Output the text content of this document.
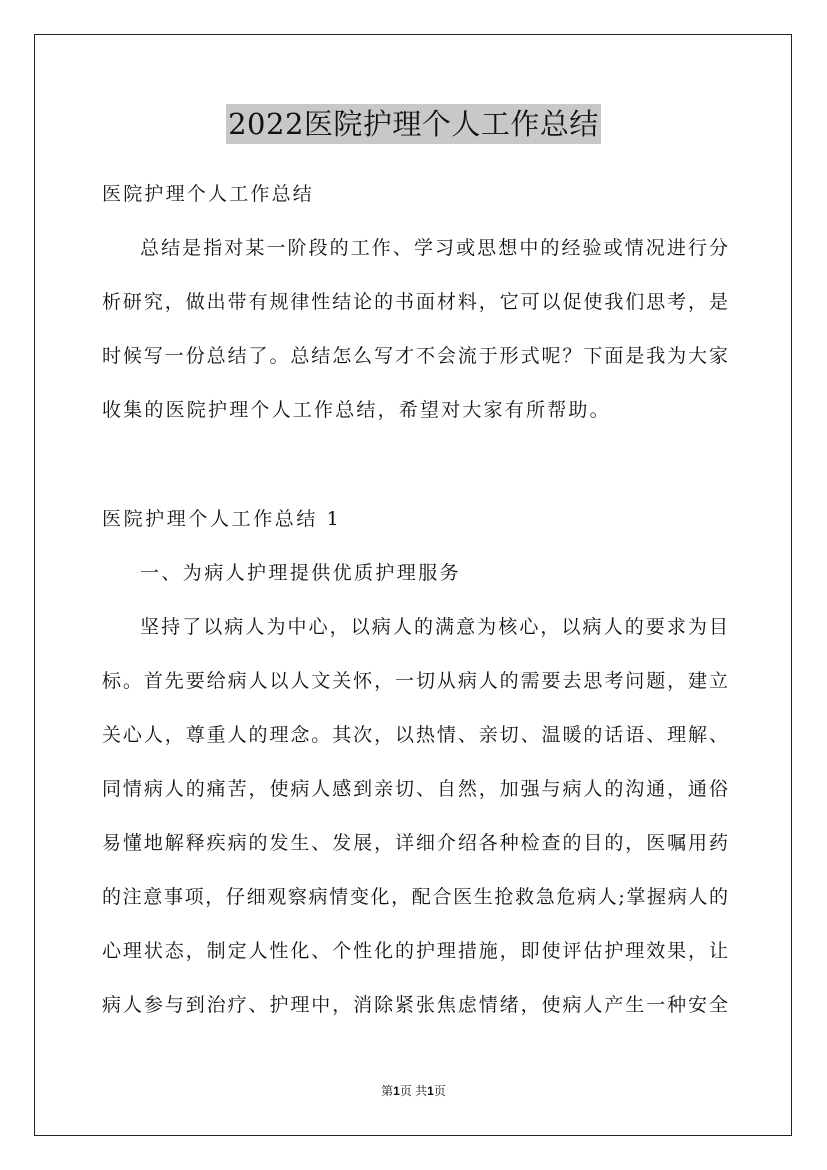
2022医院护理个人工作总结
医院护理个人工作总结
总结是指对某一阶段的工作、学习或思想中的经验或情况进行分
析研究，做出带有规律性结论的书面材料，它可以促使我们思考，是
时候写一份总结了。总结怎么写才不会流于形式呢？下面是我为大家
收集的医院护理个人工作总结，希望对大家有所帮助。
医院护理个人工作总结 1
一、为病人护理提供优质护理服务
坚持了以病人为中心，以病人的满意为核心，以病人的要求为目
标。首先要给病人以人文关怀，一切从病人的需要去思考问题，建立
关心人，尊重人的理念。其次，以热情、亲切、温暖的话语、理解、
同情病人的痛苦，使病人感到亲切、自然，加强与病人的沟通，通俗
易懂地解释疾病的发生、发展，详细介绍各种检查的目的，医嘱用药
的注意事项，仔细观察病情变化，配合医生抢救急危病人;掌握病人的
心理状态，制定人性化、个性化的护理措施，即使评估护理效果，让
病人参与到治疗、护理中，消除紧张焦虑情绪，使病人产生一种安全
第1页 共1页
